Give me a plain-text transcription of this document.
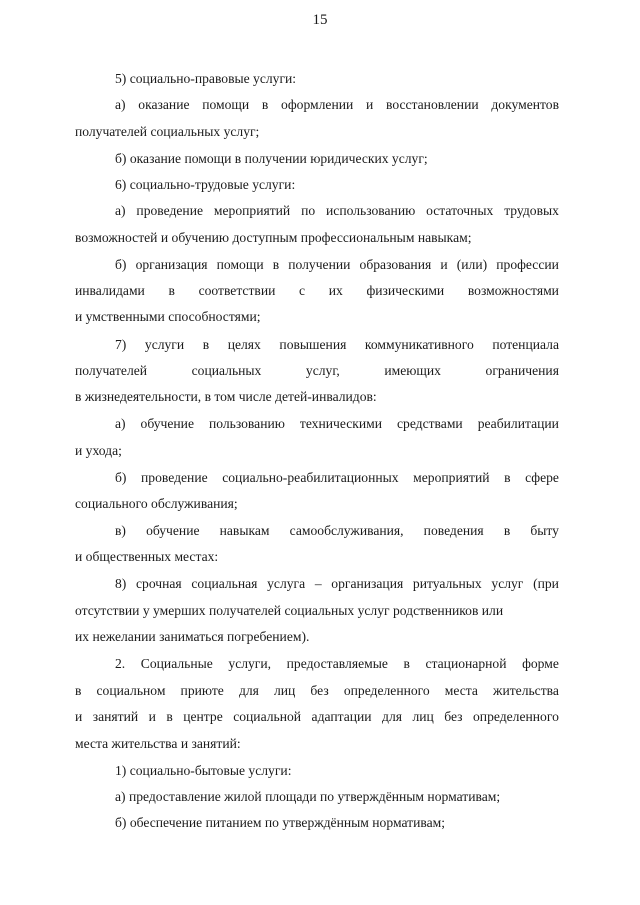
15
5) социально-правовые услуги:
а) оказание помощи в оформлении и восстановлении документов
получателей социальных услуг;
б) оказание помощи в получении юридических услуг;
6) социально-трудовые услуги:
а) проведение мероприятий по использованию остаточных трудовых
возможностей и обучению доступным профессиональным навыкам;
б) организация помощи в получении образования и (или) профессии
инвалидами в соответствии с их физическими возможностями
и умственными способностями;
7) услуги в целях повышения коммуникативного потенциала
получателей	социальных	услуг,	имеющих	ограничения
в жизнедеятельности, в том числе детей-инвалидов:
а) обучение пользованию техническими средствами реабилитации
и ухода;
б) проведение социально-реабилитационных мероприятий в сфере
социального обслуживания;
в) обучение навыкам самообслуживания, поведения в быту
и общественных местах:
8) срочная социальная услуга – организация ритуальных услуг (при
отсутствии у умерших получателей социальных услуг родственников или
их нежелании заниматься погребением).
2. Социальные услуги, предоставляемые в стационарной форме
в социальном приюте для лиц без определенного места жительства
и занятий и в центре социальной адаптации для лиц без определенного
места жительства и занятий:
1) социально-бытовые услуги:
а) предоставление жилой площади по утверждённым нормативам;
б) обеспечение питанием по утверждённым нормативам;
